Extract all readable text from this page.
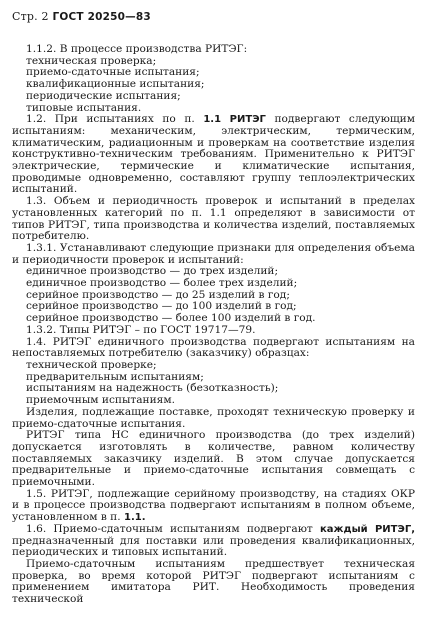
Стр. 2 ГОСТ 20250—83

1.1.2. В процессе производства РИТЭГ:

техническая проверка;

приемо-сдаточные испытания;

квалификационные испытания;

периодические испытания;

типовые испытания.

1.2. При испытаниях по п. 1.1 РИТЭГ подвергают следующим испытаниям: механическим, электрическим, термическим, климатическим, радиационным и проверкам на соответствие изделия конструктивно-техническим требованиям. Применительно к РИТЭГ электрические, термические и климатические испытания, проводимые одновременно, составляют группу теплоэлектрических испытаний.

1.3. Объем и периодичность проверок и испытаний в пределах установленных категорий по п. 1.1 определяют в зависимости от типов РИТЭГ, типа производства и количества изделий, поставляемых потребителю.

1.3.1. Устанавливают следующие признаки для определения объема и периодичности проверок и испытаний:

единичное производство — до трех изделий;

единичное производство — более трех изделий;

серийное производство — до 25 изделий в год;

серийное производство — до 100 изделий в год;

серийное производство — более 100 изделий в год.

1.3.2. Типы РИТЭГ – по ГОСТ 19717—79.

1.4. РИТЭГ единичного производства подвергают испытаниям на непоставляемых потребителю (заказчику) образцах:

технической проверке;

предварительным испытаниям;

испытаниям на надежность (безотказность);

приемочным испытаниям.

Изделия, подлежащие поставке, проходят техническую проверку и приемо-сдаточные испытания.

РИТЭГ типа НС единичного производства (до трех изделий) допускается изготовлять в количестве, равном количеству поставляемых заказчику изделий. В этом случае допускается предварительные и приемо-сдаточные испытания совмещать с приемочными.

1.5. РИТЭГ, подлежащие серийному производству, на стадиях ОКР и в процессе производства подвергают испытаниям в полном объеме, установленном в п. 1.1.

1.6. Приемо-сдаточным испытаниям подвергают каждый РИТЭГ, предназначенный для поставки или проведения квалификационных, периодических и типовых испытаний.

Приемо-сдаточным испытаниям предшествует техническая проверка, во время которой РИТЭГ подвергают испытаниям с применением имитатора РИТ. Необходимость проведения технической
